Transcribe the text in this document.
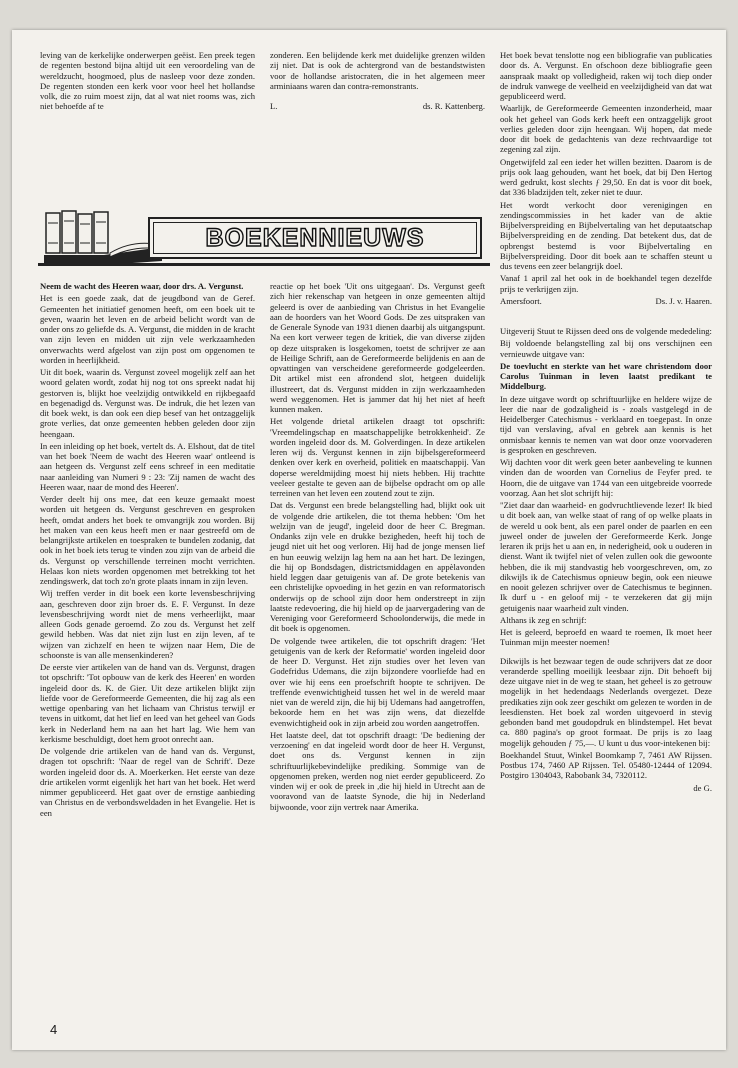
leving van de kerkelijke onderwerpen geëist. Een preek tegen de regenten bestond bijna altijd uit een veroordeling van de wereldzucht, hoogmoed, plus de nasleep voor deze zonden. De regenten stonden een kerk voor voor heel het hollandse volk, die zo ruim moest zijn, dat al wat niet rooms was, zich niet behoefde af te

zonderen. Een belijdende kerk met duidelijke grenzen wilden zij niet. Dat is ook de achtergrond van de bestandstwisten voor de hollandse aristocraten, die in het algemeen meer arminiaans waren dan contra-remonstrants.

L.	ds. R. Kattenberg.
BOEKENNIEUWS

Neem de wacht des Heeren waar, door drs. A. Vergunst.

Het is een goede zaak, dat de jeugdbond van de Geref. Gemeenten het initiatief genomen heeft, om een boek uit te geven, waarin het leven en de arbeid belicht wordt van de onder ons zo geliefde ds. A. Vergunst, die midden in de kracht van zijn leven en midden uit zijn vele werkzaamheden onverwachts werd afgelost van zijn post om opgenomen te worden in heerlijkheid.

Uit dit boek, waarin ds. Vergunst zoveel mogelijk zelf aan het woord gelaten wordt, zodat hij nog tot ons spreekt nadat hij gestorven is, blijkt hoe veelzijdig ontwikkeld en rijkbegaafd en begenadigd ds. Vergunst was. De indruk, die het lezen van dit boek wekt, is dan ook een diep besef van het ontzaggelijk grote verlies, dat onze gemeenten hebben geleden door zijn heengaan.

In een inleiding op het boek, vertelt ds. A. Elshout, dat de titel van het boek 'Neem de wacht des Heeren waar' ontleend is aan hetgeen ds. Vergunst zelf eens schreef in een meditatie naar aanleiding van Numeri 9 : 23: 'Zij namen de wacht des Heeren waar, naar de mond des Heeren'.

Verder deelt hij ons mee, dat een keuze gemaakt moest worden uit hetgeen ds. Vergunst geschreven en gesproken heeft, omdat anders het boek te omvangrijk zou worden. Bij het maken van een keus heeft men er naar gestreefd om de belangrijkste artikelen en toespraken te bundelen zodanig, dat ook in het boek iets terug te vinden zou zijn van de arbeid die ds. Vergunst op verschillende terreinen mocht verrichten. Helaas kon niets worden opgenomen met betrekking tot het zendingswerk, dat toch zo'n grote plaats innam in zijn leven.

Wij treffen verder in dit boek een korte levensbeschrijving aan, geschreven door zijn broer ds. E. F. Vergunst. In deze levensbeschrijving wordt niet de mens verheerlijkt, maar alleen Gods genade geroemd. Zo zou ds. Vergunst het zelf gewild hebben. Was dat niet zijn lust en zijn leven, af te wijzen van zichzelf en heen te wijzen naar Hem, Die de schoonste is van alle mensenkinderen?

De eerste vier artikelen van de hand van ds. Vergunst, dragen tot opschrift: 'Tot opbouw van de kerk des Heeren' en worden ingeleid door ds. K. de Gier. Uit deze artikelen blijkt zijn liefde voor de Gereformeerde Gemeenten, die hij zag als een wettige openbaring van het lichaam van Christus terwijl er tevens in uitkomt, dat het lief en leed van het geheel van Gods kerk in Nederland hem na aan het hart lag. Wie hem van kerkisme beschuldigt, doet hem groot onrecht aan.

De volgende drie artikelen van de hand van ds. Vergunst, dragen tot opschrift: 'Naar de regel van de Schrift'. Deze worden ingeleid door ds. A. Moerkerken. Het eerste van deze drie artikelen vormt eigenlijk het hart van het boek. Het werd nimmer gepubliceerd. Het gaat over de ernstige aanbieding van Christus en de verbondsweldaden in het Evangelie. Het is een

reactie op het boek 'Uit ons uitgegaan'. Ds. Vergunst geeft zich hier rekenschap van hetgeen in onze gemeenten altijd geleerd is over de aanbieding van Christus in het Evangelie aan de hoorders van het Woord Gods. De zes uitspraken van de Generale Synode van 1931 dienen daarbij als uitgangspunt. Na een kort verweer tegen de kritiek, die van diverse zijden op deze uitspraken is losgekomen, toetst de schrijver ze aan de Heilige Schrift, aan de Gereformeerde belijdenis en aan de opvattingen van verscheidene gereformeerde godgeleerden. Dit artikel mist een afrondend slot, hetgeen duidelijk illustreert, dat ds. Vergunst midden in zijn werkzaamheden werd weggenomen. Het is jammer dat hij het niet af heeft kunnen maken.

Het volgende drietal artikelen draagt tot opschrift: 'Vreemdelingschap en maatschappelijke betrokkenheid'. Ze worden ingeleid door ds. M. Golverdingen. In deze artikelen leren wij ds. Vergunst kennen in zijn bijbelsgereformeerd denken over kerk en overheid, politiek en maatschappij. Van doperse wereldmijding moest hij niets hebben. Hij trachtte veeleer gestalte te geven aan de bijbelse opdracht om op alle terreinen van het leven een zoutend zout te zijn.

Dat ds. Vergunst een brede belangstelling had, blijkt ook uit de volgende drie artikelen, die tot thema hebben: 'Om het welzijn van de jeugd', ingeleid door de heer C. Bregman. Ondanks zijn vele en drukke bezigheden, heeft hij toch de jeugd niet uit het oog verloren. Hij had de jonge mensen lief en hun eeuwig welzijn lag hem na aan het hart. De lezingen, die hij op Bondsdagen, districtsmiddagen en appèlavonden hield leggen daar getuigenis van af. De grote betekenis van een christelijke opvoeding in het gezin en van reformatorisch onderwijs op de school zijn door hem onderstreept in zijn laatste redevoering, die hij hield op de jaarvergadering van de Vereniging voor Gereformeerd Schoolonderwijs, die mede in dit boek is opgenomen.

De volgende twee artikelen, die tot opschrift dragen: 'Het getuigenis van de kerk der Reformatie' worden ingeleid door de heer D. Vergunst. Het zijn studies over het leven van Godefridus Udemans, die zijn bijzondere voorliefde had en over wie hij eens een proefschrift hoopte te schrijven. De treffende evenwichtigheid tussen het wel in de wereld maar niet van de wereld zijn, die hij bij Udemans had aangetroffen, bekoorde hem en het was zijn wens, dat diezelfde evenwichtigheid ook in zijn arbeid zou worden aangetroffen.

Het laatste deel, dat tot opschrift draagt: 'De bediening der verzoening' en dat ingeleid wordt door de heer H. Vergunst, doet ons ds. Vergunst kennen in zijn schriftuurlijkebevindelijke prediking. Sommige van de opgenomen preken, werden nog niet eerder gepubliceerd. Zo vinden wij er ook de preek in ,die hij hield in Utrecht aan de vooravond van de laatste Synode, die hij in Nederland bijwoonde, voor zijn vertrek naar Amerika.

Het boek bevat tenslotte nog een bibliografie van publicaties door ds. A. Vergunst. En ofschoon deze bibliografie geen aanspraak maakt op volledigheid, raken wij toch diep onder de indruk vanwege de veelheid en veelzijdigheid van dat wat gepubliceerd werd.

Waarlijk, de Gereformeerde Gemeenten inzonderheid, maar ook het geheel van Gods kerk heeft een ontzaggelijk groot verlies geleden door zijn heengaan. Wij hopen, dat mede door dit boek de gedachtenis van deze rechtvaardige tot zegening zal zijn.

Ongetwijfeld zal een ieder het willen bezitten. Daarom is de prijs ook laag gehouden, want het boek, dat bij Den Hertog werd gedrukt, kost slechts ƒ 29,50. En dat is voor dit boek, dat 336 bladzijden telt, zeker niet te duur.

Het wordt verkocht door verenigingen en zendingscommissies in het kader van de aktie Bijbelverspreiding en Bijbelvertaling van het deputaatschap Bijbelverspreiding en de zending. Dat betekent dus, dat de opbrengst bestemd is voor Bijbelvertaling en Bijbelverspreiding. Door dit boek aan te schaffen steunt u dus tevens een zeer belangrijk doel.

Vanaf 1 april zal het ook in de boekhandel tegen dezelfde prijs te verkrijgen zijn.

Amersfoort.	Ds. J. v. Haaren.

Uitgeverij Stuut te Rijssen deed ons de volgende mededeling:

Bij voldoende belangstelling zal bij ons verschijnen een vernieuwde uitgave van:

De toevlucht en sterkte van het ware christendom door Carolus Tuinman in leven laatst predikant te Middelburg.

In deze uitgave wordt op schriftuurlijke en heldere wijze de leer die naar de godzaligheid is - zoals vastgelegd in de Heidelberger Catechismus - verklaard en toegepast. In onze tijd van verslaving, afval en gebrek aan kennis is het onmisbaar kennis te nemen van wat door onze voorvaderen is gesproken en geschreven.

Wij dachten voor dit werk geen beter aanbeveling te kunnen vinden dan de woorden van Cornelius de Feyfer pred. te Hoorn, die de uitgave van 1744 van een uitgebreide voorrede voorzag. Aan het slot schrijft hij:

"Ziet daar dan waarheid- en godvruchtlievende lezer! Ik bied u dit boek aan, van welke staat of rang of op welke plaats in de wereld u ook bent, als een parel onder de paarlen en een juweel onder de juwelen der Gereformeerde Kerk. Jonge leraren ik prijs het u aan en, in nederigheid, ook u ouderen in dienst. Want ik twijfel niet of velen zullen ook die gewoonte hebben, die ik mij standvastig heb voorgeschreven, om, zo dikwijls ik de Catechismus opnieuw begin, ook een nieuwe en nooit gelezen schrijver over de Catechismus te beginnen. Ik durf u - en geloof mij - te verzekeren dat gij mijn getuigenis naar waarheid zult vinden.

Althans ik zeg en schrijf:

Het is geleerd, beproefd en waard te roemen, Ik moet heer Tuinman mijn meester noemen!

Dikwijls is het bezwaar tegen de oude schrijvers dat ze door veranderde spelling moeilijk leesbaar zijn. Dit behoeft bij deze uitgave niet in de weg te staan, het geheel is zo getrouw mogelijk in het hedendaags Nederlands overgezet. Deze predikaties zijn ook zeer geschikt om gelezen te worden in de leesdiensten. Het boek zal worden uitgevoerd in stevig gebonden band met goudopdruk en blindstempel. Het bevat ca. 880 pagina's op groot formaat. De prijs is zo laag mogelijk gehouden ƒ 75,—. U kunt u dus voor-intekenen bij:

Boekhandel Stuut, Winkel Boomkamp 7, 7461 AW Rijssen. Postbus 174, 7460 AP Rijssen. Tel. 05480-12444 of 12094. Postgiro 1304043, Rabobank 34, 7320112.

de G.
4
